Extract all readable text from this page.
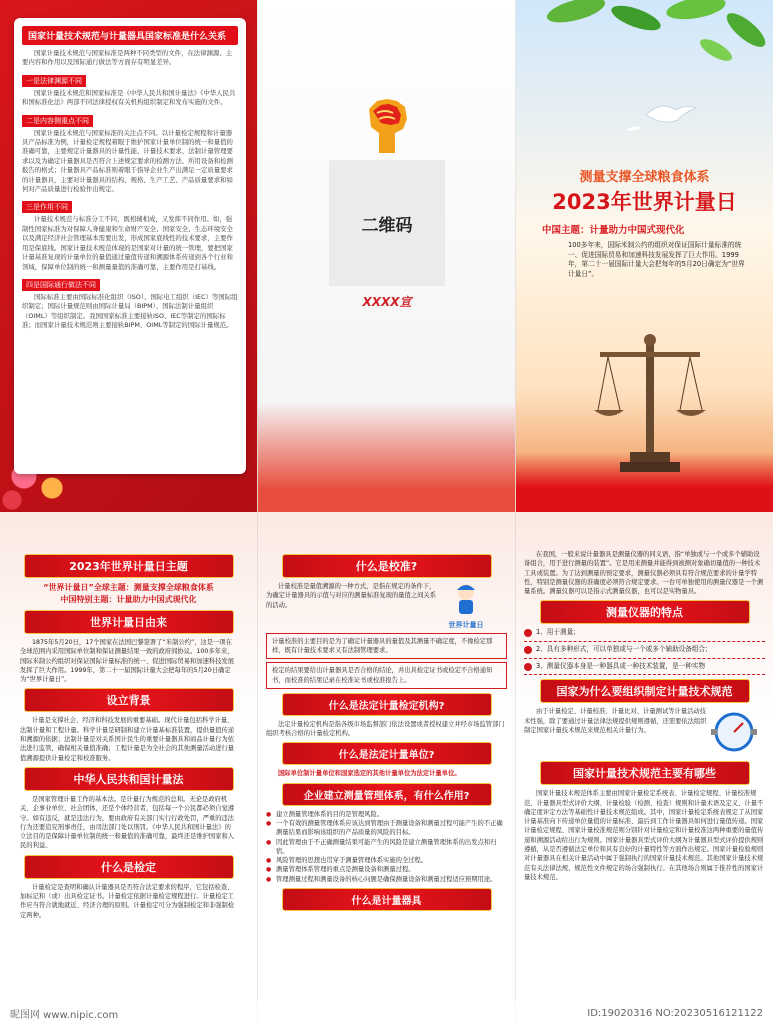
国家计量技术规范与计量器具国家标准是什么关系

国家计量技术规范与国家标准是两种不同类型的文件，在法律渊源、主要内容和作用以及国际通行做法等方面存有明显差异。

一是法律渊源不同

国家计量技术规范和国家标准是《中华人民共和国计量法》《中华人民共和国标准化法》两部不同法律授权有关机构组织制定和发布实施的文件。

二是内容侧重点不同

国家计量技术规范与国家标准的关注点不同。以计量检定规程和计量器具产品标准为例，计量检定规程着眼于维护国家计量单位制的统一和量值的准确可靠，主要规定计量器具的计量性能、计量技术要求、法制计量管理要求以及为确定计量器具是否符合上述规定要求的检测方法、所用设备和检测报告的格式；计量器具产品标准则着眼于指导企业生产出满足一定质量要求的计量器具，主要对计量器具的结构、规格、生产工艺、产品质量要求和如何对产品质量进行检验作出规定。

三是作用不同

计量技术规范与标准分工不同，既相辅相成，又发挥不同作用。如，强制性国家标准为对保障人身健康和生命财产安全、国家安全、生态环境安全以及满足经济社会管理基本需要出发，形成国家底线性的技术要求，主要作用是保底线。国家计量技术规范体现的是国家对计量的统一管理，要把国家计量基准复现的计量单位的量值通过量值传递和溯源体系传递到各个行业和领域，保障单位制的统一和测量量值的准确可靠，主要作用是打基线。

四是国际通行做法不同

国际标准主要由国际标准化组织（ISO）、国际电工组织（IEC）等国际组织制定；国际计量规范则由国际计量局（BIPM）、国际法制计量组织（OIML）等组织制定。我国国家标准主要接轨ISO、IEC等制定的国际标准；而国家计量技术规范则主要接轨BIPM、OIML等制定的国际计量规范。

二维码
XXXX宣
测量支撑全球粮食体系
2023年世界计量日
中国主题：计量助力中国式现代化

100多年来，国际米制公约的组织对保证国际计量标准的统一、促进国际贸易和加速科技发展发挥了巨大作用。1999年，第二十一届国际计量大会把每年的5月20日确定为“世界计量日”。

2023年世界计量日主题
“世界计量日”全球主题：测量支撑全球粮食体系
中国特别主题：计量助力中国式现代化
世界计量日由来

1875年5月20日，17个国家在法国巴黎签署了“米制公约”，这是一项在全球范围内采用国际单位制和保证测量结果一致的政府间协议。100多年来，国际米制公约组织对保证国际计量标准的统一、促进国际贸易和加速科技发展发挥了巨大作用。1999年，第二十一届国际计量大会把每年的5月20日确定为“世界计量日”。

设立背景

计量是支撑社会、经济和科技发展的重要基础。现代计量包括科学计量、法制计量和工程计量。科学计量是研制和建立计量基标准装置，提供量值传递和溯源的依据；法制计量是对关系国计民生的重要计量器具和商品计量行为依法进行监管，确保相关量值准确；工程计量是为全社会的其他测量活动进行量值溯源提供计量检定和校准服务。

中华人民共和国计量法

是国家管理计量工作的基本法。是计量行为规范的总和。无论是政府机关、企事业单位、社会团体，还是个体经营者，包括每一个公民都必须自觉遵守。如有违反，就是违法行为，要由政府有关部门实行行政处罚，严重的违法行为还要追究刑事责任，由司法部门处以刑罚。《中华人民共和国计量法》的立法目的是保障计量单位制的统一和量值的准确可靠，最终还是维护国家和人民的利益。

什么是检定

计量检定是查明和确认计量器具是否符合法定要求的程序，它包括检查、加标记和（或）出具检定证书。计量检定依据计量检定规程进行。计量检定工作应当符合就地就近、经济合理的原则。计量检定可分为强制检定和非强制检定两种。

什么是校准?

计量校准是量值溯源的一种方式，是指在规定的条件下，为确定计量器具的示值与对应的测量标准复现的量值之间关系的活动。

世界计量日
计量校准的主要目的是为了确定计量器具的量值及其测量不确定度，不像检定那样，既有计量技术要求又有法制管理要求。
检定的结果要给出计量器具是否合格的结论，并出具检定证书或检定不合格通知书，而校准的结果记录在校准证书或校准报告上。
什么是法定计量检定机构?

法定计量检定机构是指各级市场监督部门依法设置或者授权建立并经市场监管部门组织考核合格的计量检定机构。

什么是法定计量单位?

国际单位制计量单位和国家选定的其他计量单位为法定计量单位。

企业建立测量管理体系，有什么作用?

● 建立测量管理体系的目的是管理风险。

● 一个有效的测量管理体系应该达到管理由于测量设备和测量过程可能产生的不正确测量结果而影响该组织的产品质量的风险的目标。

● 因此管理由于不正确测量结果可能产生的风险是建立测量管理体系的出发点和归宿。

● 风险管理的思想也贯穿于测量管理体系实施的全过程。

● 测量管理体系管理的重点是测量设备和测量过程。

● 管理测量过程和测量设备的核心问题是确保测量设备和测量过程适应预期用途。

什么是计量器具

在我国，一般来说计量器具是测量仪器的同义语，指“单独或与一个或多个辅助设备组合，用于进行测量的装置”。它是用来测量并能得到被测对象确切量值的一种技术工具或装置。为了达到测量的预定要求，测量仪器必须具有符合规范要求的计量学特性，特别是测量仪器的准确度必须符合规定要求。一台可单独使用的测量仪器是一个测量系统。测量仪器可以是指示式测量仪器，也可以是实物量具。

测量仪器的特点
1、用于测量；
2、具有多种形式，可以单独或与一个或多个辅助设备组合；
3、测量仪器本身是一种器具或一种技术装置，是一种实物
国家为什么要组织制定计量技术规范

由于计量检定、计量校准、计量比对、计量测试等计量活动技术性强，除了要通过计量法律法规提供规则遵循，还需要依法组织制定国家计量技术规范来规范相关计量行为。

国家计量技术规范主要有哪些

国家计量技术规范体系主要由国家计量检定系统表、计量检定规程、计量校准规范、计量器具型式评价大纲、计量检验（检测、检查）规则和计量术语及定义、计量不确定度评定方法等基础性计量技术规范组成。其中，国家计量检定系统表规定了从国家计量基准向下传递单位量值的计量标准、最后到工作计量器具如何进行量值传递。国家计量检定规程、国家计量校准规范则分别针对计量检定和计量校准这两种重要的量值传递和溯源活动给出行为规则。国家计量器具型式评价大纲为计量器具型式评价提供规则遵循，从是否遵循法定单位和具有良好的计量特性等方面作出规定。国家计量检验规则对计量器具在相关计量活动中属于强制执行的国家计量技术规范。其他国家计量技术规范有关法律法规、规范性文件规定的场合强制执行。在其他场合则属于推荐性的国家计量技术规范。

昵图网 www.nipic.com	ID:19020316 NO:20230516121122
